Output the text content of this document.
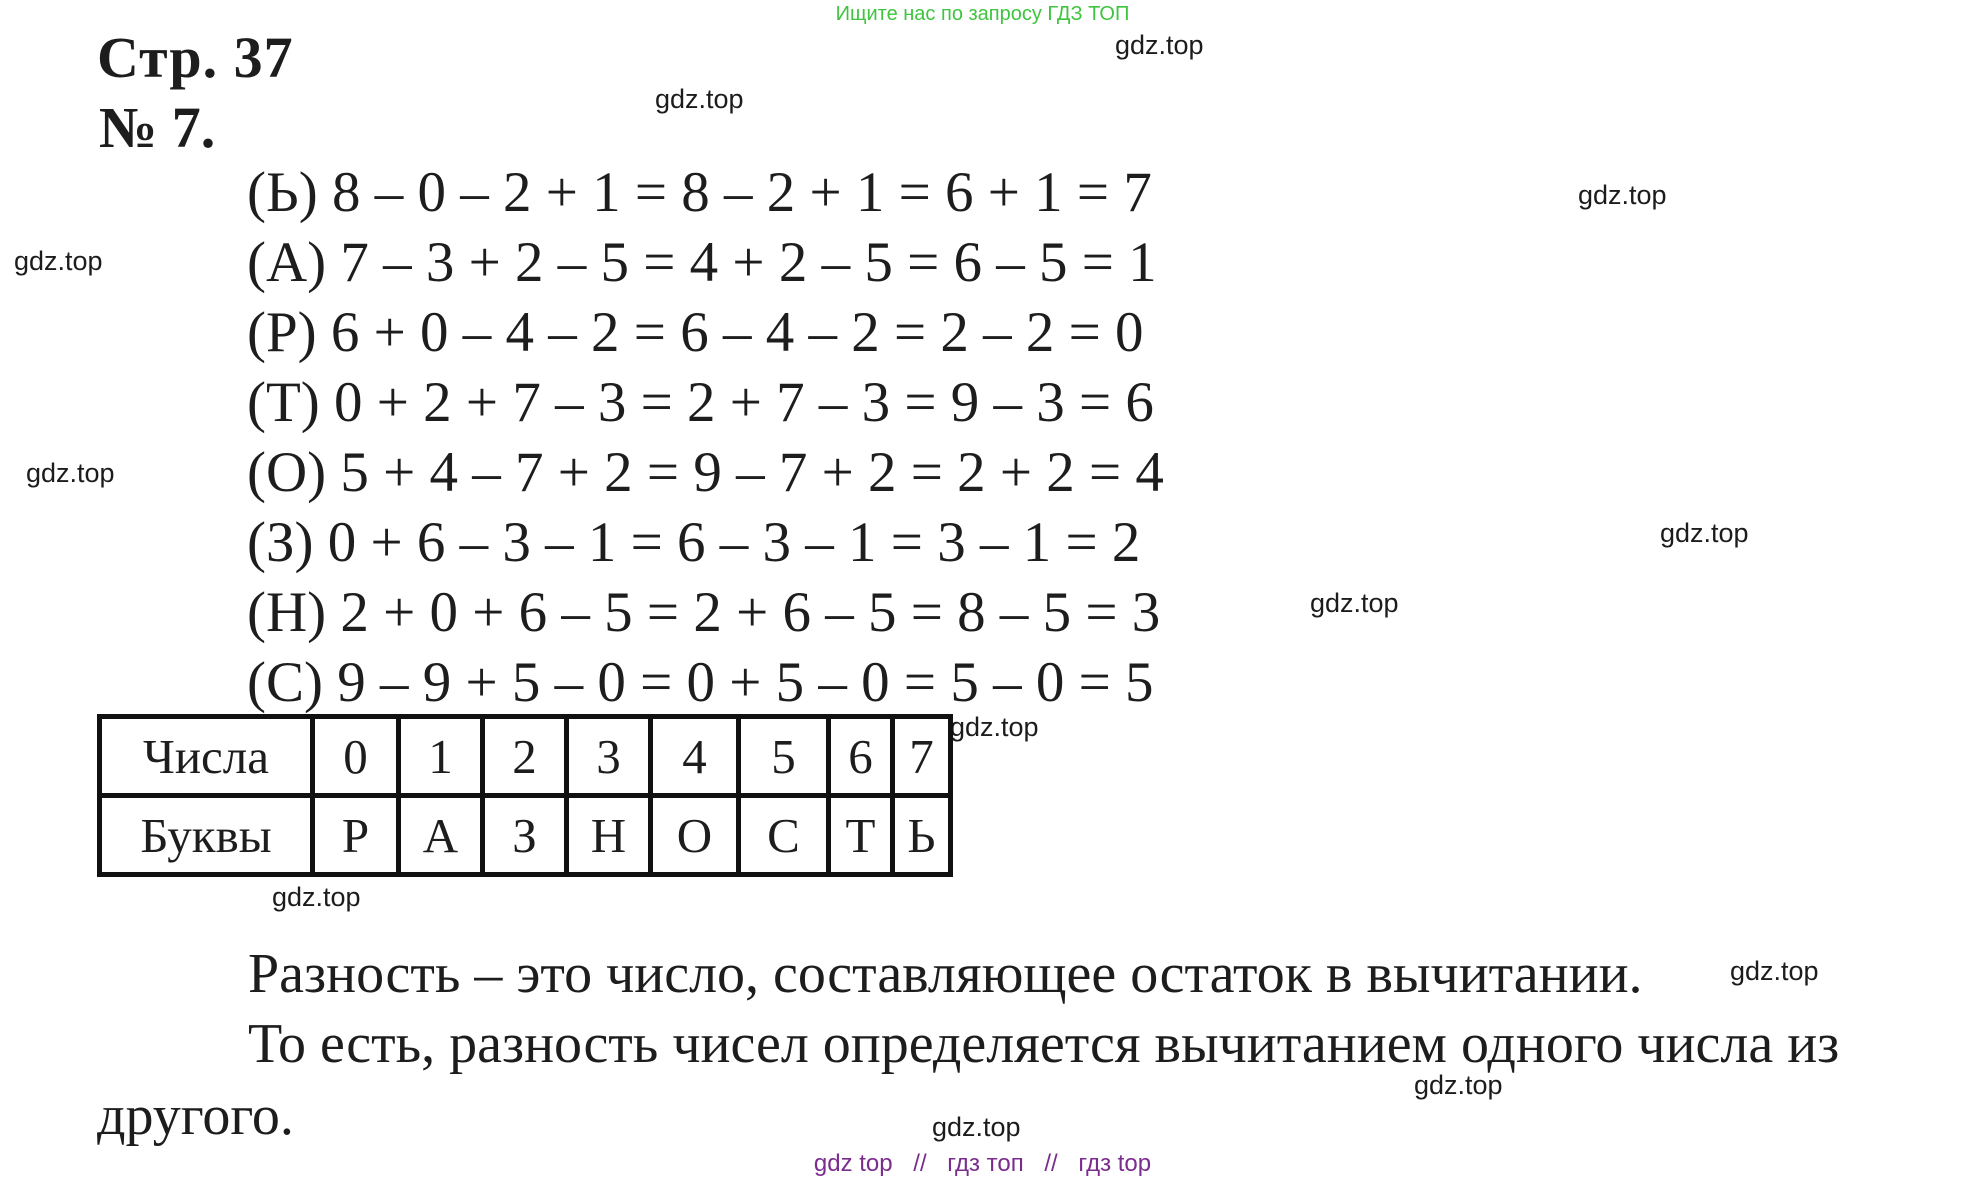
Ищите нас по запросу ГДЗ ТОП
gdz.top
gdz.top
gdz.top
gdz.top
gdz.top
gdz.top
gdz.top
gdz.top
gdz.top
gdz.top
gdz.top
gdz.top
Стр. 37
№ 7.
(Ь) 8 – 0 – 2 + 1 = 8 – 2 + 1 = 6 + 1 = 7
(А) 7 – 3 + 2 – 5 = 4 + 2 – 5 = 6 – 5 = 1
(Р) 6 + 0 – 4 – 2 = 6 – 4 – 2 = 2 – 2 = 0
(Т) 0 + 2 + 7 – 3 = 2 + 7 – 3 = 9 – 3 = 6
(О) 5 + 4 – 7 + 2 = 9 – 7 + 2 = 2 + 2 = 4
(З) 0 + 6 – 3 – 1 = 6 – 3 – 1 = 3 – 1 = 2
(Н) 2 + 0 + 6 – 5 = 2 + 6 – 5 = 8 – 5 = 3
(С) 9 – 9 + 5 – 0 = 0 + 5 – 0 = 5 – 0 = 5
Числа	0	1	2	3	4	5	6	7
Буквы	Р	А	З	Н	О	С	Т	Ь
Разность – это число, составляющее остаток в вычитании.
То есть, разность чисел определяется вычитанием одного числа из
другого.
gdz top // гдз топ // гдз top
